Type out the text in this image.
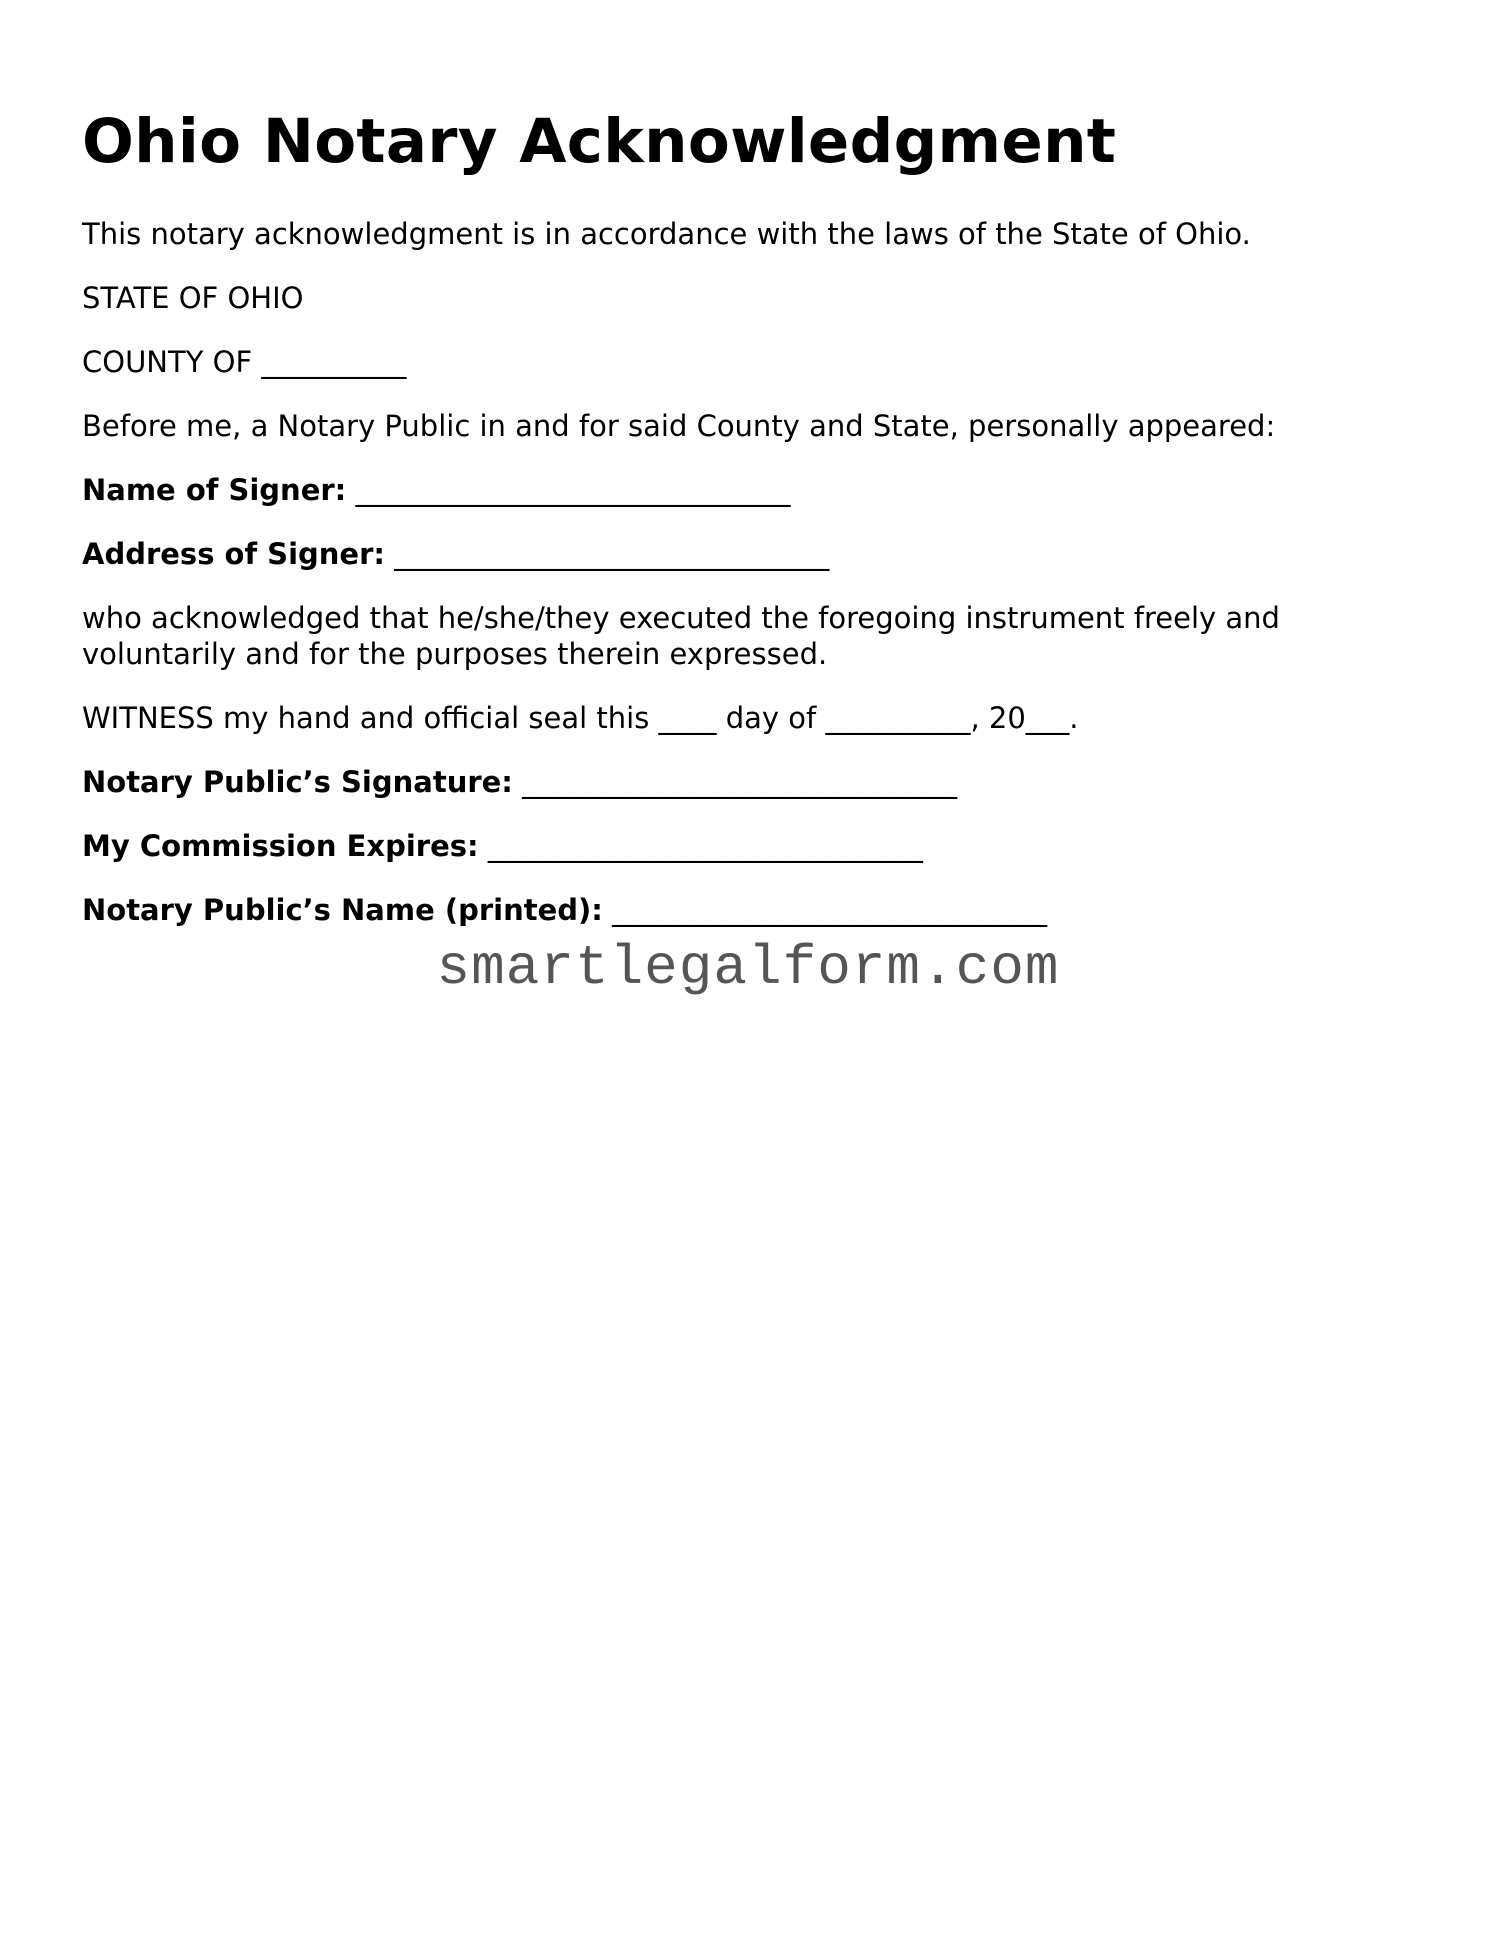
Ohio Notary Acknowledgment

This notary acknowledgment is in accordance with the laws of the State of Ohio.

STATE OF OHIO

COUNTY OF __________

Before me, a Notary Public in and for said County and State, personally appeared:

Name of Signer: ______________________________

Address of Signer: ______________________________

who acknowledged that he/she/they executed the foregoing instrument freely and voluntarily and for the purposes therein expressed.

WITNESS my hand and official seal this ____ day of __________, 20___.

Notary Public’s Signature: ______________________________

My Commission Expires: ______________________________

Notary Public’s Name (printed): ______________________________

smartlegalform.com
